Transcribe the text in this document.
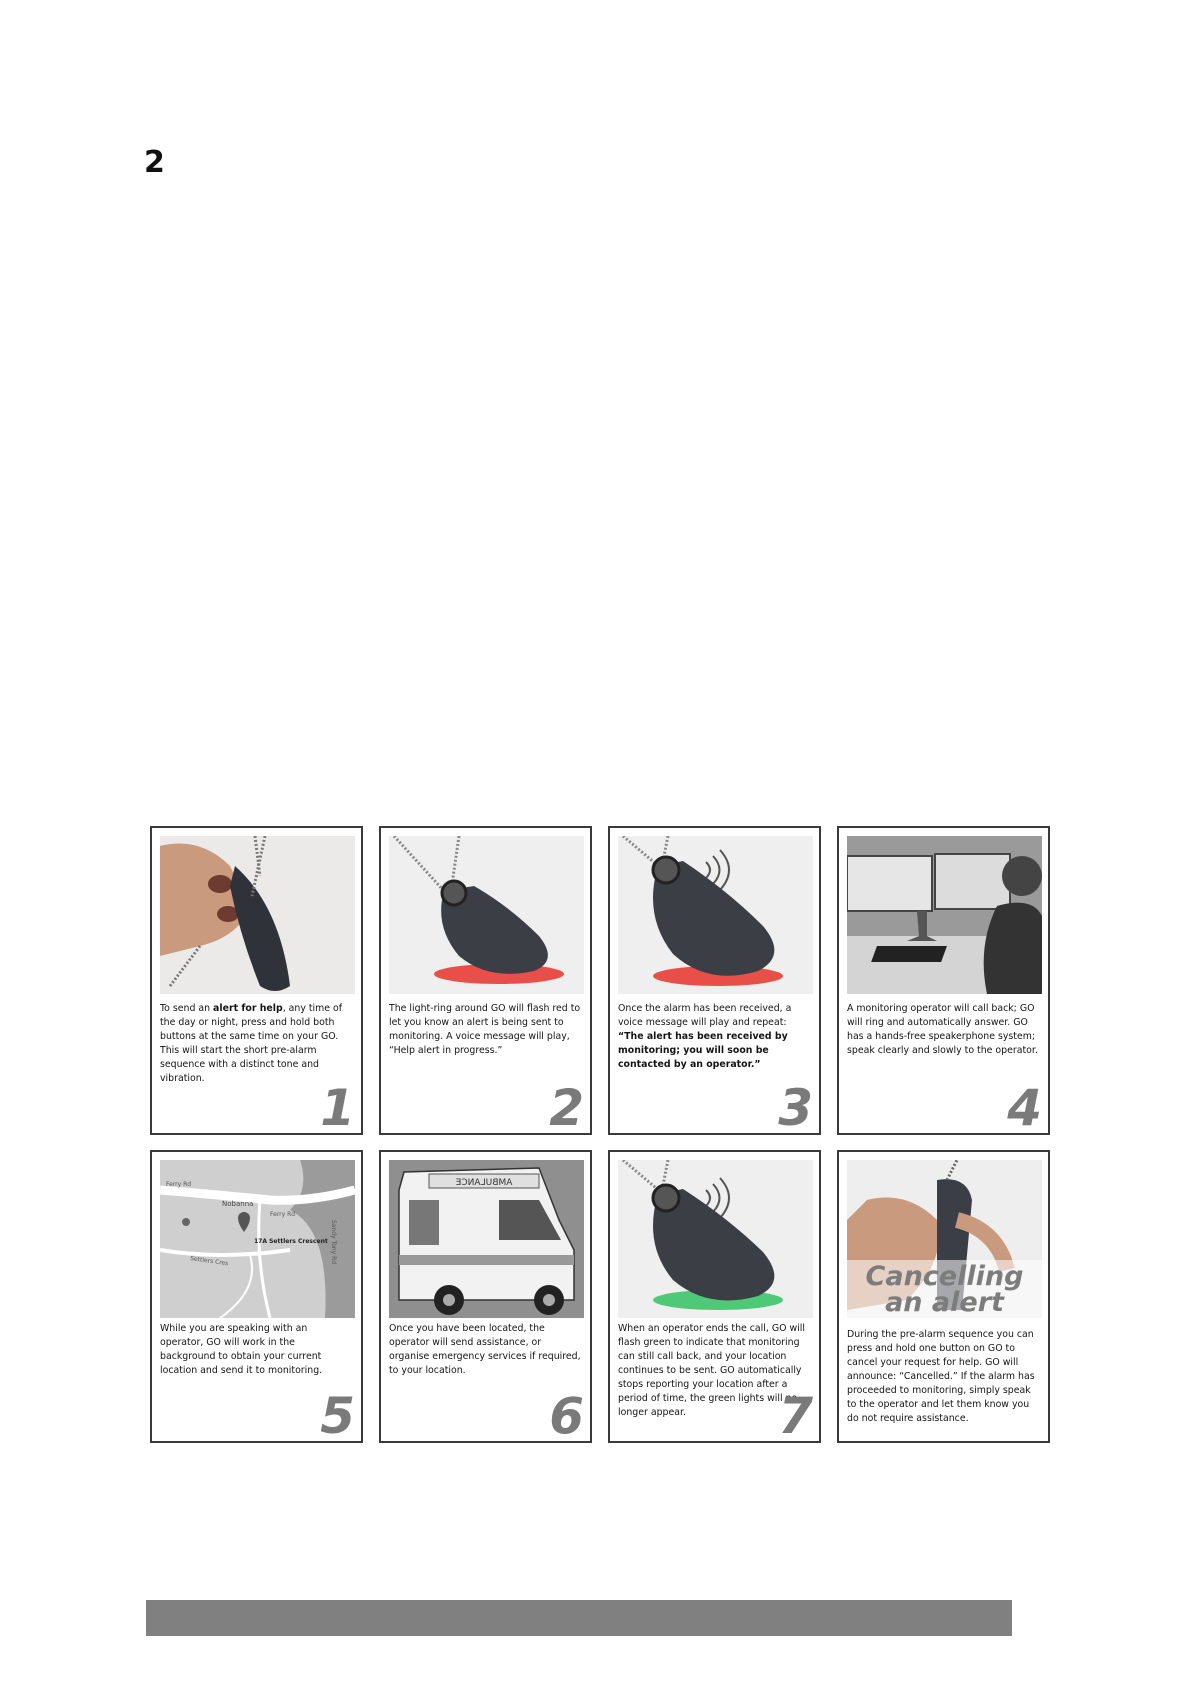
2
To send an alert for help, any time of the day or night, press and hold both buttons at the same time on your GO. This will start the short pre-alarm sequence with a distinct tone and vibration.
1
The light-ring around GO will flash red to let you know an alert is being sent to monitoring. A voice message will play, “Help alert in progress.”
2
Once the alarm has been received, a voice message will play and repeat: “The alert has been received by monitoring; you will soon be contacted by an operator.”
3
A monitoring operator will call back; GO will ring and automatically answer. GO has a hands-free speakerphone system; speak clearly and slowly to the operator.
4
Ferry Rd
Nobanna
Ferry Rd
17A Settlers Crescent
Settlers Cres	Sandy Tony Rd
While you are speaking with an operator, GO will work in the background to obtain your current location and send it to monitoring.
5
AMBULANCE
Once you have been located, the operator will send assistance, or organise emergency services if required, to your location.
6
When an operator ends the call, GO will flash green to indicate that monitoring can still call back, and your location continues to be sent. GO automatically stops reporting your location after a period of time, the green lights will no longer appear.	7
Cancelling
an alert
During the pre-alarm sequence you can press and hold one button on GO to cancel your request for help. GO will announce: “Cancelled.” If the alarm has proceeded to monitoring, simply speak to the operator and let them know you do not require assistance.
